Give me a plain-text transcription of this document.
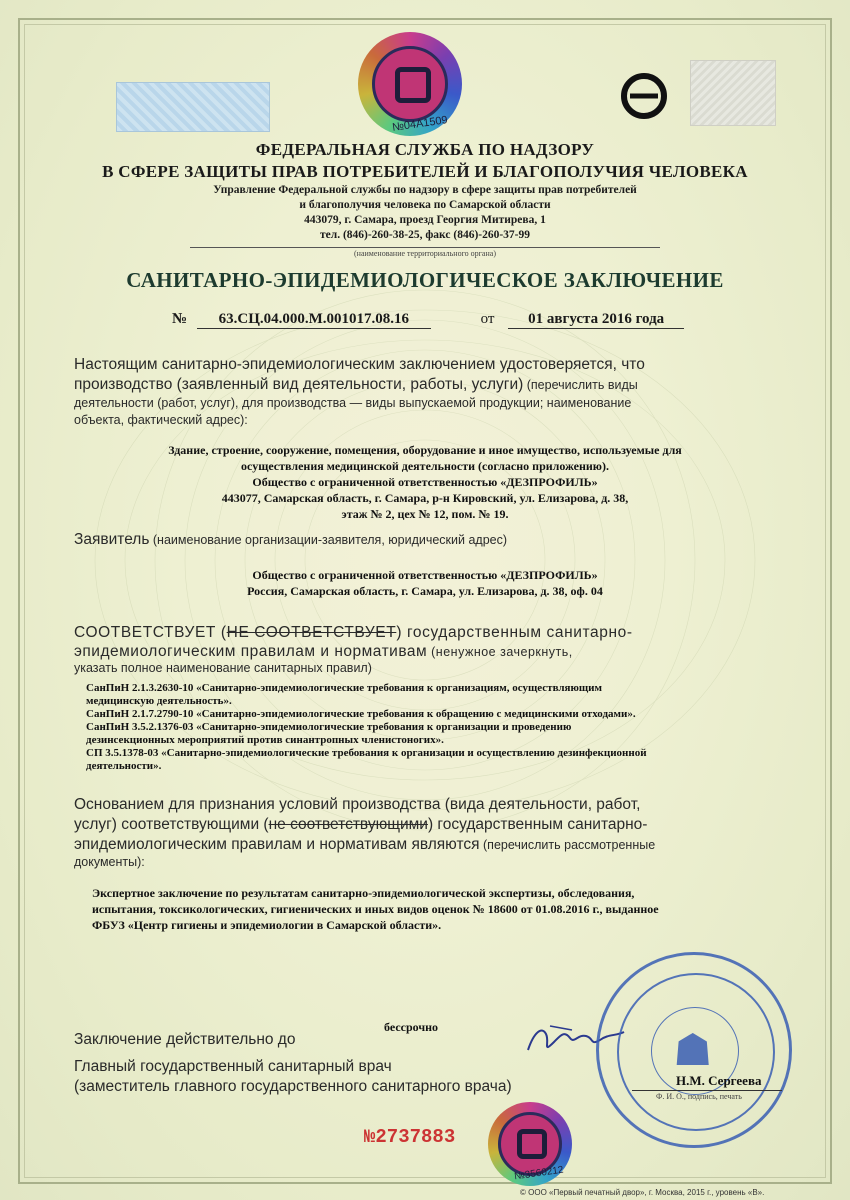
№04А1509
ФЕДЕРАЛЬНАЯ СЛУЖБА ПО НАДЗОРУ
В СФЕРЕ ЗАЩИТЫ ПРАВ ПОТРЕБИТЕЛЕЙ И БЛАГОПОЛУЧИЯ ЧЕЛОВЕКА
Управление Федеральной службы по надзору в сфере защиты прав потребителей
и благополучия человека по Самарской области
443079, г. Самара, проезд Георгия Митирева, 1
тел. (846)-260-38-25, факс (846)-260-37-99
(наименование территориального органа)
САНИТАРНО-ЭПИДЕМИОЛОГИЧЕСКОЕ ЗАКЛЮЧЕНИЕ
№ 63.СЦ.04.000.М.001017.08.16	от 01 августа 2016 года
Настоящим санитарно-эпидемиологическим заключением удостоверяется, что
производство (заявленный вид деятельности, работы, услуги) (перечислить виды
деятельности (работ, услуг), для производства — виды выпускаемой продукции; наименование
объекта, фактический адрес):
Здание, строение, сооружение, помещения, оборудование и иное имущество, используемые для
осуществления медицинской деятельности (согласно приложению).
Общество с ограниченной ответственностью «ДЕЗПРОФИЛЬ»
443077, Самарская область, г. Самара, р-н Кировский, ул. Елизарова, д. 38,
этаж № 2, цех № 12, пом. № 19.
Заявитель (наименование организации-заявителя, юридический адрес)
Общество с ограниченной ответственностью «ДЕЗПРОФИЛЬ»
Россия, Самарская область, г. Самара, ул. Елизарова, д. 38, оф. 04
СООТВЕТСТВУЕТ (НЕ СООТВЕТСТВУЕТ) государственным санитарно-
эпидемиологическим правилам и нормативам (ненужное зачеркнуть,
указать полное наименование санитарных правил)
СанПиН 2.1.3.2630-10 «Санитарно-эпидемиологические требования к организациям, осуществляющим
медицинскую деятельность».
СанПиН 2.1.7.2790-10 «Санитарно-эпидемиологические требования к обращению с медицинскими отходами».
СанПиН 3.5.2.1376-03 «Санитарно-эпидемиологические требования к организации и проведению
дезинсекционных мероприятий против синантропных членистоногих».
СП 3.5.1378-03 «Санитарно-эпидемиологические требования к организации и осуществлению дезинфекционной
деятельности».
Основанием для признания условий производства (вида деятельности, работ,
услуг) соответствующими (не соответствующими) государственным санитарно-
эпидемиологическим правилам и нормативам являются (перечислить рассмотренные
документы):
Экспертное заключение по результатам санитарно-эпидемиологической экспертизы, обследования,
испытания, токсикологических, гигиенических и иных видов оценок № 18600 от 01.08.2016 г., выданное
ФБУЗ «Центр гигиены и эпидемиологии в Самарской области».
Заключение действительно до
бессрочно
Главный государственный санитарный врач
(заместитель главного государственного санитарного врача)
☗
Н.М. Сергеева
Ф. И. О., подпись, печать
№2737883
№3560212
© ООО «Первый печатный двор», г. Москва, 2015 г., уровень «В».
